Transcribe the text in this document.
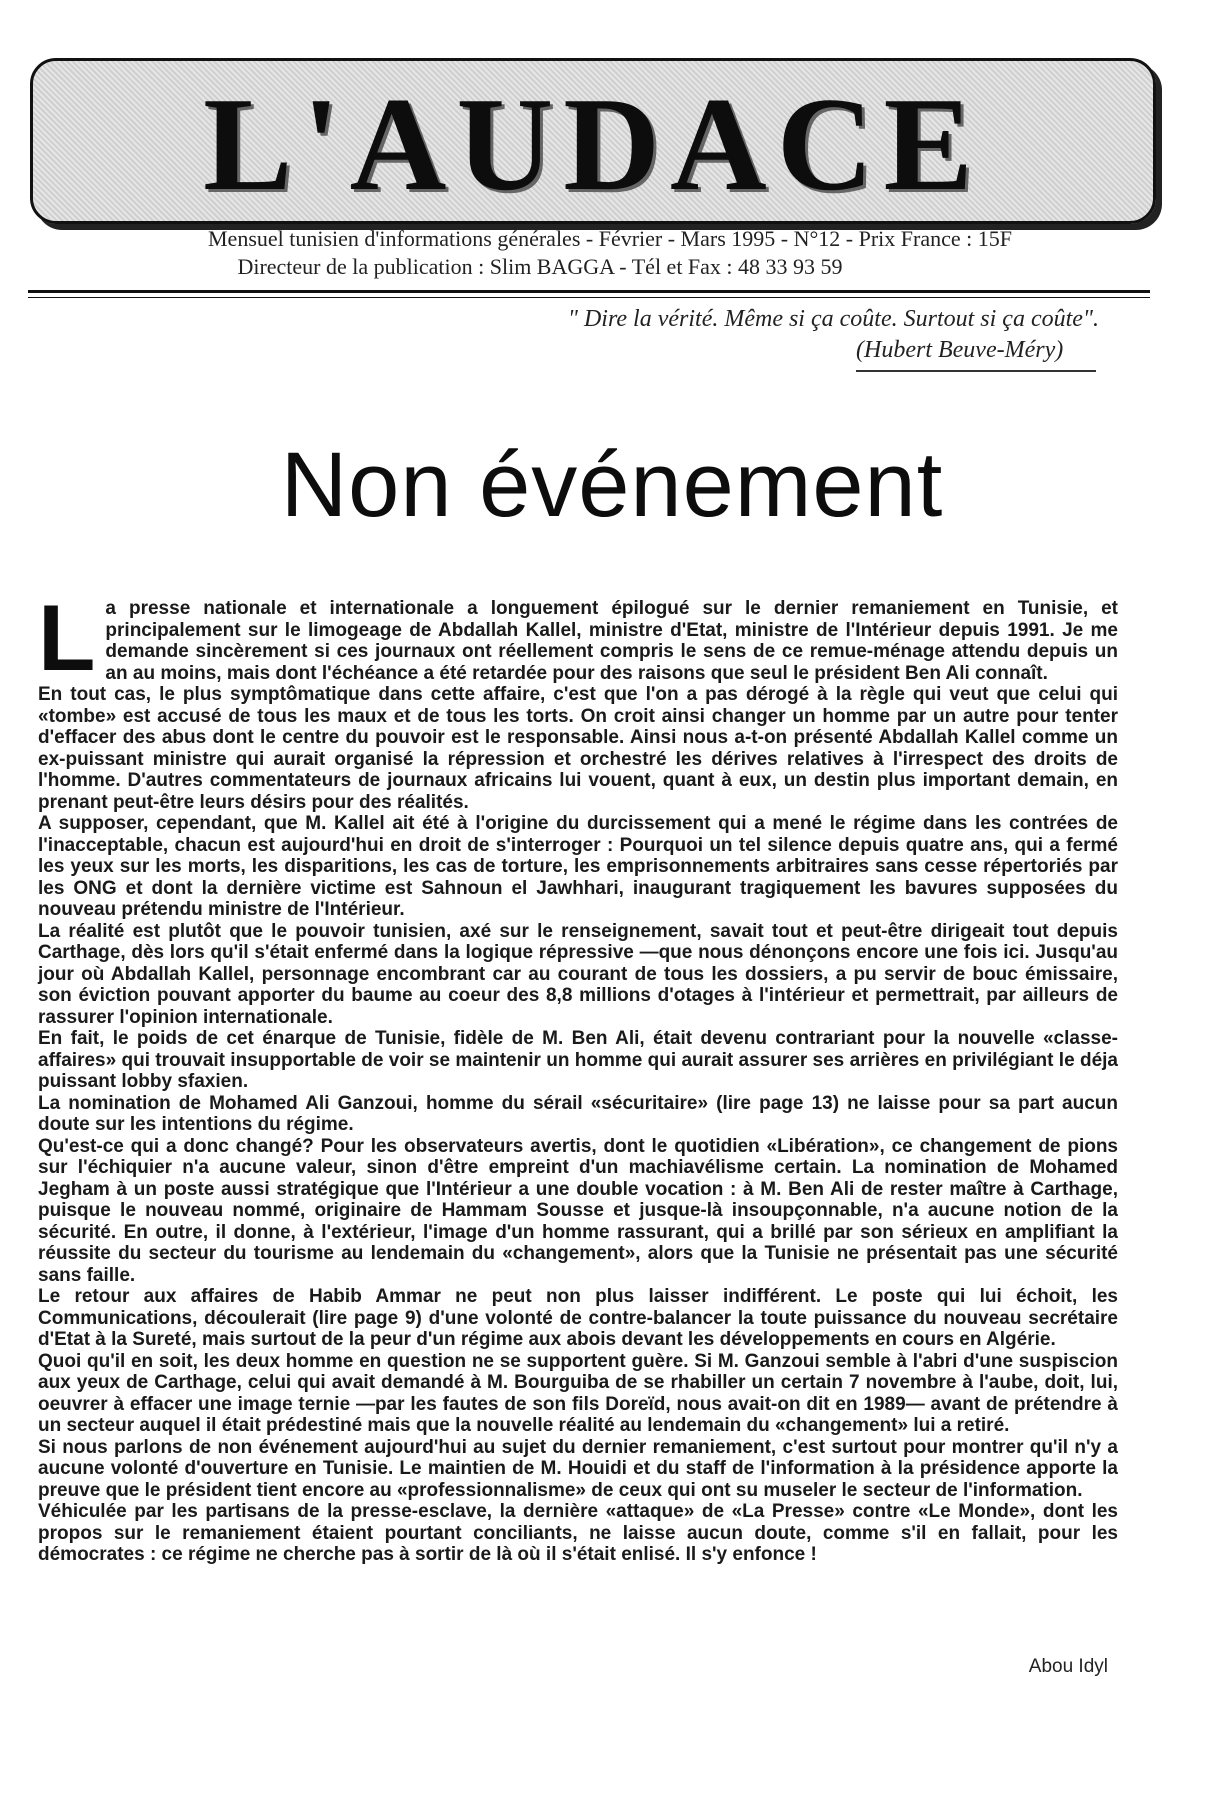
L'AUDACE
Mensuel tunisien d'informations générales - Février - Mars 1995 - N°12 - Prix France : 15F
Directeur de la publication : Slim BAGGA - Tél et Fax : 48 33 93 59
" Dire la vérité. Même si ça coûte. Surtout si ça coûte".
(Hubert Beuve-Méry)
Non événement
L a presse nationale et internationale a longuement épilogué sur le dernier remaniement en Tunisie, et principalement sur le limogeage de Abdallah Kallel, ministre d'Etat, ministre de l'Intérieur depuis 1991. Je me demande sincèrement si ces journaux ont réellement compris le sens de ce remue-ménage attendu depuis un an au moins, mais dont l'échéance a été retardée pour des raisons que seul le président Ben Ali connaît.

En tout cas, le plus symptômatique dans cette affaire, c'est que l'on a pas dérogé à la règle qui veut que celui qui «tombe» est accusé de tous les maux et de tous les torts. On croit ainsi changer un homme par un autre pour tenter d'effacer des abus dont le centre du pouvoir est le responsable. Ainsi nous a-t-on présenté Abdallah Kallel comme un ex-puissant ministre qui aurait organisé la répression et orchestré les dérives relatives à l'irrespect des droits de l'homme. D'autres commentateurs de journaux africains lui vouent, quant à eux, un destin plus important demain, en prenant peut-être leurs désirs pour des réalités.

A supposer, cependant, que M. Kallel ait été à l'origine du durcissement qui a mené le régime dans les contrées de l'inacceptable, chacun est aujourd'hui en droit de s'interroger : Pourquoi un tel silence depuis quatre ans, qui a fermé les yeux sur les morts, les disparitions, les cas de torture, les emprisonnements arbitraires sans cesse répertoriés par les ONG et dont la dernière victime est Sahnoun el Jawhhari, inaugurant tragiquement les bavures supposées du nouveau prétendu ministre de l'Intérieur.

La réalité est plutôt que le pouvoir tunisien, axé sur le renseignement, savait tout et peut-être dirigeait tout depuis Carthage, dès lors qu'il s'était enfermé dans la logique répressive —que nous dénonçons encore une fois ici. Jusqu'au jour où Abdallah Kallel, personnage encombrant car au courant de tous les dossiers, a pu servir de bouc émissaire, son éviction pouvant apporter du baume au coeur des 8,8 millions d'otages à l'intérieur et permettrait, par ailleurs de rassurer l'opinion internationale.

En fait, le poids de cet énarque de Tunisie, fidèle de M. Ben Ali, était devenu contrariant pour la nouvelle «classe-affaires» qui trouvait insupportable de voir se maintenir un homme qui aurait assurer ses arrières en privilégiant le déja puissant lobby sfaxien.

La nomination de Mohamed Ali Ganzoui, homme du sérail «sécuritaire» (lire page 13) ne laisse pour sa part aucun doute sur les intentions du régime.

Qu'est-ce qui a donc changé? Pour les observateurs avertis, dont le quotidien «Libération», ce changement de pions sur l'échiquier n'a aucune valeur, sinon d'être empreint d'un machiavélisme certain. La nomination de Mohamed Jegham à un poste aussi stratégique que l'Intérieur a une double vocation : à M. Ben Ali de rester maître à Carthage, puisque le nouveau nommé, originaire de Hammam Sousse et jusque-là insoupçonnable, n'a aucune notion de la sécurité. En outre, il donne, à l'extérieur, l'image d'un homme rassurant, qui a brillé par son sérieux en amplifiant la réussite du secteur du tourisme au lendemain du «changement», alors que la Tunisie ne présentait pas une sécurité sans faille.

Le retour aux affaires de Habib Ammar ne peut non plus laisser indifférent. Le poste qui lui échoit, les Communications, découlerait (lire page 9) d'une volonté de contre-balancer la toute puissance du nouveau secrétaire d'Etat à la Sureté, mais surtout de la peur d'un régime aux abois devant les développements en cours en Algérie.

Quoi qu'il en soit, les deux homme en question ne se supportent guère. Si M. Ganzoui semble à l'abri d'une suspiscion aux yeux de Carthage, celui qui avait demandé à M. Bourguiba de se rhabiller un certain 7 novembre à l'aube, doit, lui, oeuvrer à effacer une image ternie —par les fautes de son fils Doreïd, nous avait-on dit en 1989— avant de prétendre à un secteur auquel il était prédestiné mais que la nouvelle réalité au lendemain du «changement» lui a retiré.

Si nous parlons de non événement aujourd'hui au sujet du dernier remaniement, c'est surtout pour montrer qu'il n'y a aucune volonté d'ouverture en Tunisie. Le maintien de M. Houidi et du staff de l'information à la présidence apporte la preuve que le président tient encore au «professionnalisme» de ceux qui ont su museler le secteur de l'information.

Véhiculée par les partisans de la presse-esclave, la dernière «attaque» de «La Presse» contre «Le Monde», dont les propos sur le remaniement étaient pourtant conciliants, ne laisse aucun doute, comme s'il en fallait, pour les démocrates : ce régime ne cherche pas à sortir de là où il s'était enlisé. Il s'y enfonce !

Abou Idyl
